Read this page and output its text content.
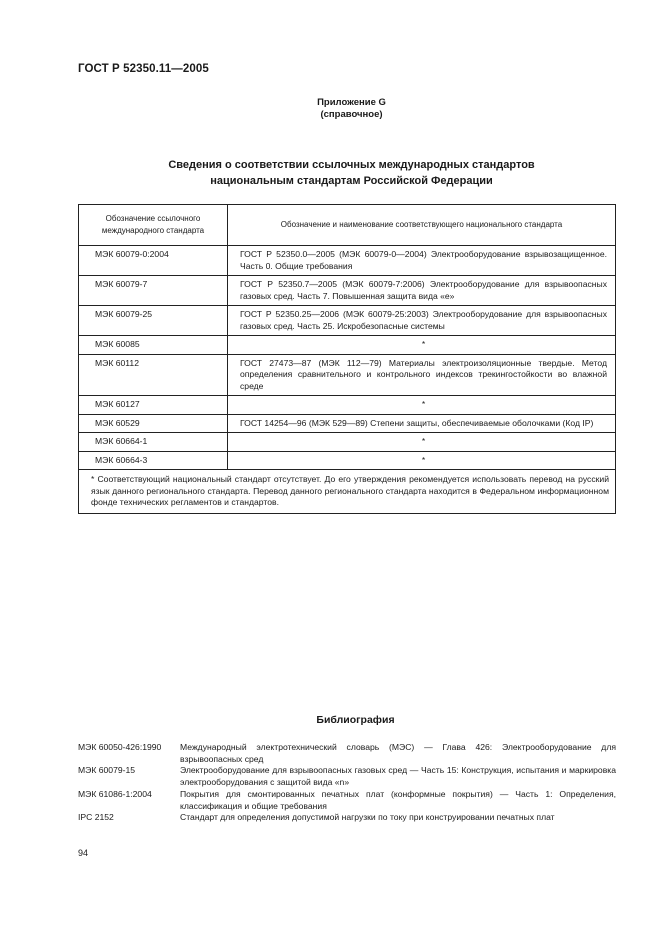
ГОСТ Р 52350.11—2005
Приложение G
(справочное)
Сведения о соответствии ссылочных международных стандартов
национальным стандартам Российской Федерации
Обозначение ссылочного международного стандарта	Обозначение и наименование соответствующего национального стандарта
МЭК 60079-0:2004	ГОСТ Р 52350.0—2005 (МЭК 60079-0—2004) Электрооборудование взрывозащищенное. Часть 0. Общие требования
МЭК 60079-7	ГОСТ Р 52350.7—2005 (МЭК 60079-7:2006) Электрооборудование для взрывоопасных газовых сред. Часть 7. Повышенная защита вида «е»
МЭК 60079-25	ГОСТ Р 52350.25—2006 (МЭК 60079-25:2003) Электрооборудование для взрывоопасных газовых сред. Часть 25. Искробезопасные системы
МЭК 60085	*
МЭК 60112	ГОСТ 27473—87 (МЭК 112—79) Материалы электроизоляционные твердые. Метод определения сравнительного и контрольного индексов трекингостойкости во влажной среде
МЭК 60127	*
МЭК 60529	ГОСТ 14254—96 (МЭК 529—89) Степени защиты, обеспечиваемые оболочками (Код IP)
МЭК 60664-1	*
МЭК 60664-3	*
* Соответствующий национальный стандарт отсутствует. До его утверждения рекомендуется использовать перевод на русский язык данного регионального стандарта. Перевод данного регионального стандарта находится в Федеральном информационном фонде технических регламентов и стандартов.	
Библиография
МЭК 60050-426:1990	Международный электротехнический словарь (МЭС) — Глава 426: Электрооборудование для взрывоопасных сред
МЭК 60079-15	Электрооборудование для взрывоопасных газовых сред — Часть 15: Конструкция, испытания и маркировка электрооборудования с защитой вида «n»
МЭК 61086-1:2004	Покрытия для смонтированных печатных плат (конформные покрытия) — Часть 1: Определения, классификация и общие требования
IPC 2152	Стандарт для определения допустимой нагрузки по току при конструировании печатных плат
94
